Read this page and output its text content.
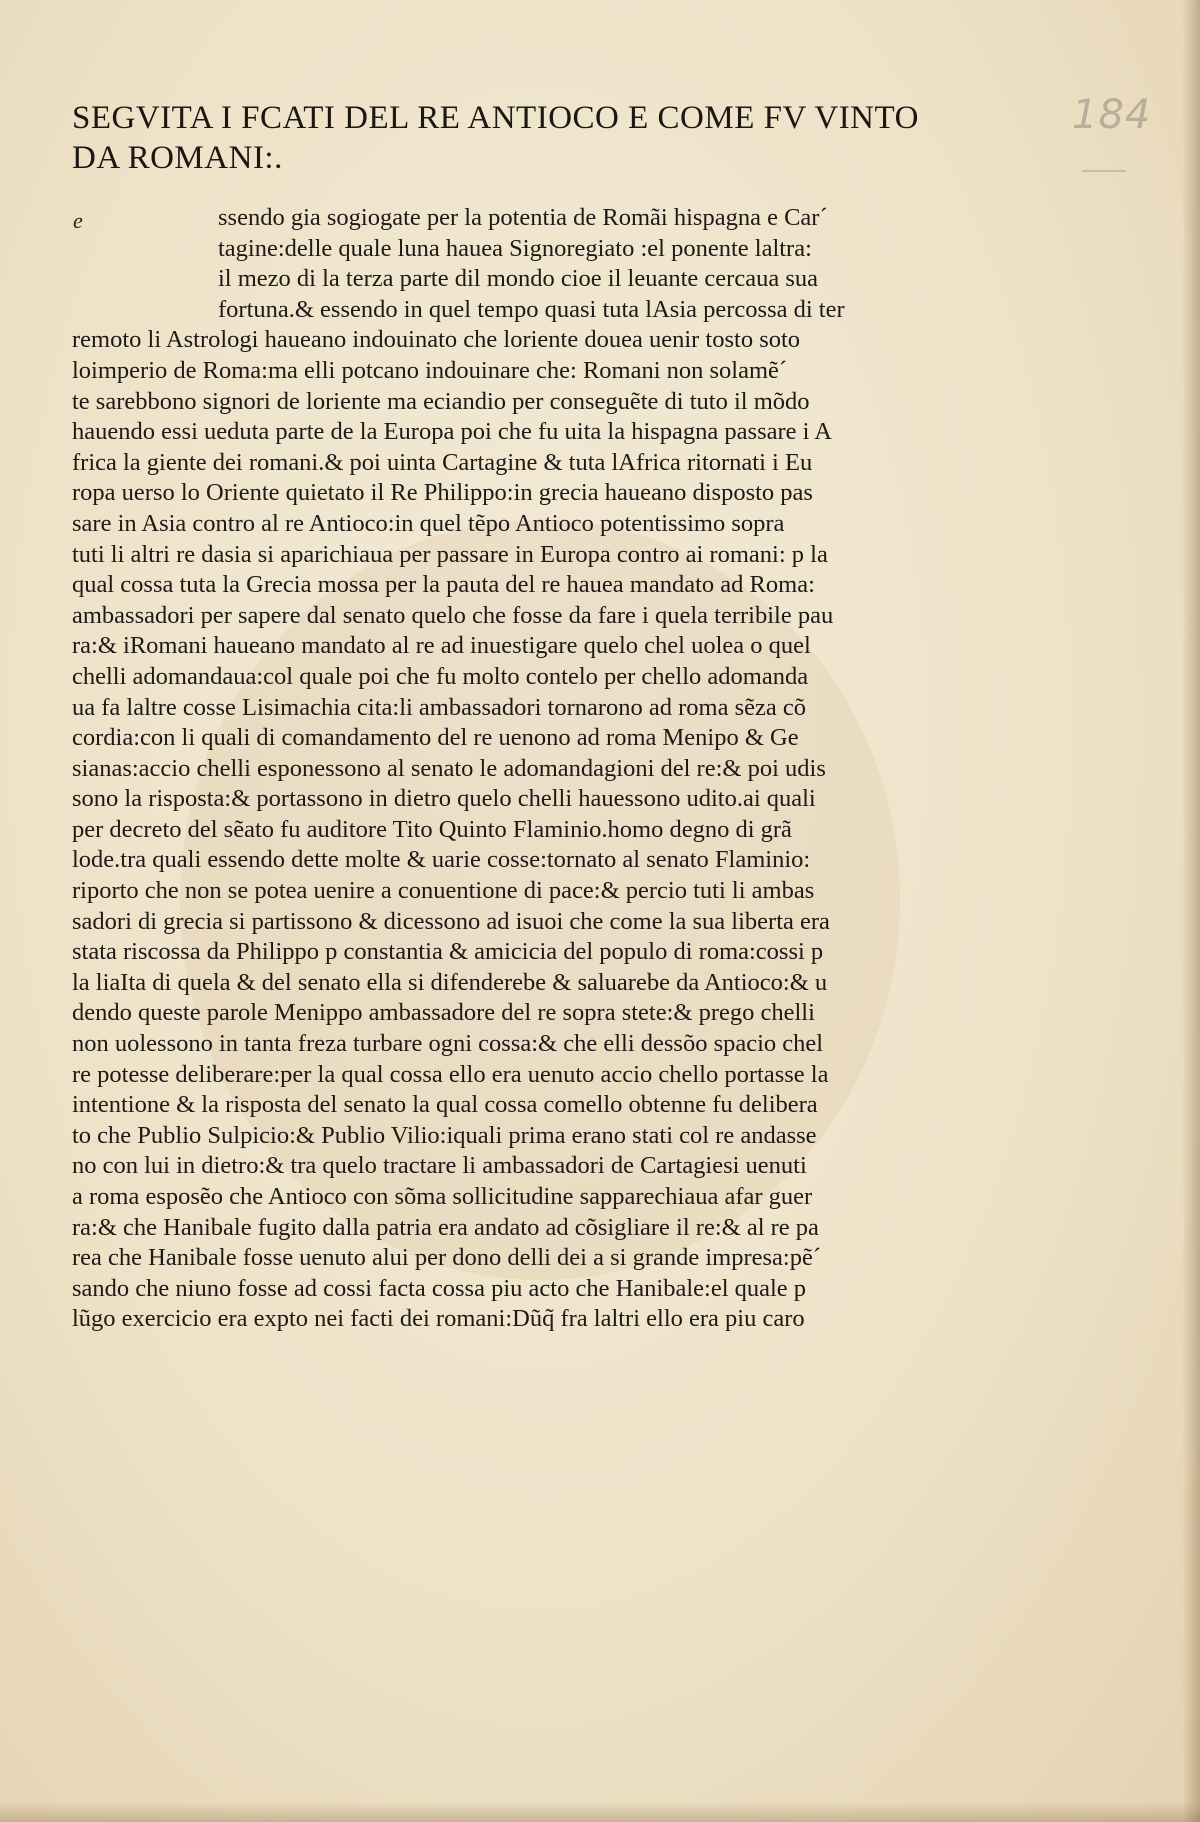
184
SEGVITA I FCATI DEL RE ANTIOCO E COME FV VINTO DA ROMANI:.
e	ssendo gia sogiogate per la potentia de Romãi hispagna e Car´
tagine:delle quale luna hauea Signoregiato :el ponente laltra:
il mezo di la terza parte dil mondo cioe il leuante cercaua sua
fortuna.& essendo in quel tempo quasi tuta lAsia percossa di ter
remoto li Astrologi haueano indouinato che loriente douea uenir tosto soto
loimperio de Roma:ma elli potcano indouinare che: Romani non solamẽ´
te sarebbono signori de loriente ma eciandio per conseguẽte di tuto il mõdo
hauendo essi ueduta parte de la Europa poi che fu uita la hispagna passare i A
frica la giente dei romani.& poi uinta Cartagine & tuta lAfrica ritornati i Eu
ropa uerso lo Oriente quietato il Re Philippo:in grecia haueano disposto pas
sare in Asia contro al re Antioco:in quel tẽpo Antioco potentissimo sopra
tuti li altri re dasia si aparichiaua per passare in Europa contro ai romani: p la
qual cossa tuta la Grecia mossa per la pauta del re hauea mandato ad Roma:
ambassadori per sapere dal senato quelo che fosse da fare i quela terribile pau
ra:& iRomani haueano mandato al re ad inuestigare quelo chel uolea o quel
chelli adomandaua:col quale poi che fu molto contelo per chello adomanda
ua fa laltre cosse Lisimachia cita:li ambassadori tornarono ad roma sẽza cõ
cordia:con li quali di comandamento del re uenono ad roma Menipo & Ge
sianas:accio chelli esponessono al senato le adomandagioni del re:& poi udis
sono la risposta:& portassono in dietro quelo chelli hauessono udito.ai quali
per decreto del sẽato fu auditore Tito Quinto Flaminio.homo degno di grã
lode.tra quali essendo dette molte & uarie cosse:tornato al senato Flaminio:
riporto che non se potea uenire a conuentione di pace:& percio tuti li ambas
sadori di grecia si partissono & dicessono ad isuoi che come la sua liberta era
stata riscossa da Philippo p constantia & amicicia del populo di roma:cossi p
la liaIta di quela & del senato ella si difenderebe & saluarebe da Antioco:& u
dendo queste parole Menippo ambassadore del re sopra stete:& prego chelli
non uolessono in tanta freza turbare ogni cossa:& che elli dessõo spacio chel
re potesse deliberare:per la qual cossa ello era uenuto accio chello portasse la
intentione & la risposta del senato la qual cossa comello obtenne fu delibera
to che Publio Sulpicio:& Publio Vilio:iquali prima erano stati col re andasse
no con lui in dietro:& tra quelo tractare li ambassadori de Cartagiesi uenuti
a roma esposẽo che Antioco con sõma sollicitudine sapparechiaua afar guer
ra:& che Hanibale fugito dalla patria era andato ad cõsigliare il re:& al re pa
rea che Hanibale fosse uenuto alui per dono delli dei a si grande impresa:pẽ´
sando che niuno fosse ad cossi facta cossa piu acto che Hanibale:el quale p
lũgo exercicio era expto nei facti dei romani:Dũq̃ fra laltri ello era piu caro
